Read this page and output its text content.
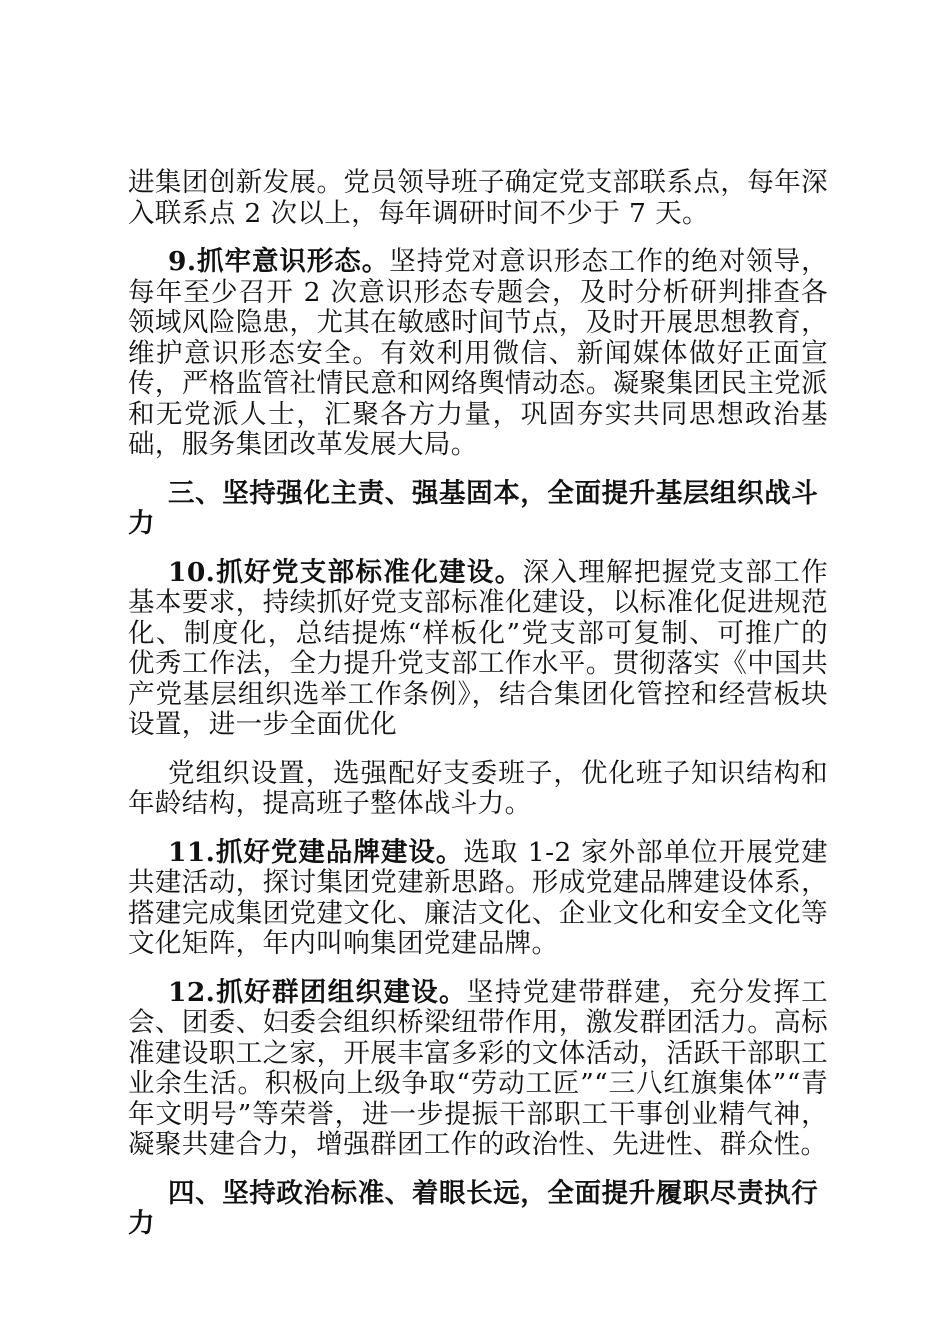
进集团创新发展。党员领导班子确定党支部联系点，每年深入联系点 2 次以上，每年调研时间不少于 7 天。

9.抓牢意识形态。坚持党对意识形态工作的绝对领导，每年至少召开 2 次意识形态专题会，及时分析研判排查各领域风险隐患，尤其在敏感时间节点，及时开展思想教育，维护意识形态安全。有效利用微信、新闻媒体做好正面宣传，严格监管社情民意和网络舆情动态。凝聚集团民主党派和无党派人士，汇聚各方力量，巩固夯实共同思想政治基础，服务集团改革发展大局。

三、坚持强化主责、强基固本，全面提升基层组织战斗力

10.抓好党支部标准化建设。深入理解把握党支部工作基本要求，持续抓好党支部标准化建设，以标准化促进规范化、制度化，总结提炼“样板化”党支部可复制、可推广的优秀工作法，全力提升党支部工作水平。贯彻落实《中国共产党基层组织选举工作条例》，结合集团化管控和经营板块设置，进一步全面优化

党组织设置，选强配好支委班子，优化班子知识结构和年龄结构，提高班子整体战斗力。

11.抓好党建品牌建设。选取 1-2 家外部单位开展党建共建活动，探讨集团党建新思路。形成党建品牌建设体系，搭建完成集团党建文化、廉洁文化、企业文化和安全文化等文化矩阵，年内叫响集团党建品牌。

12.抓好群团组织建设。坚持党建带群建，充分发挥工会、团委、妇委会组织桥梁纽带作用，激发群团活力。高标准建设职工之家，开展丰富多彩的文体活动，活跃干部职工业余生活。积极向上级争取“劳动工匠”“三八红旗集体”“青年文明号”等荣誉，进一步提振干部职工干事创业精气神，凝聚共建合力，增强群团工作的政治性、先进性、群众性。

四、坚持政治标准、着眼长远，全面提升履职尽责执行力
